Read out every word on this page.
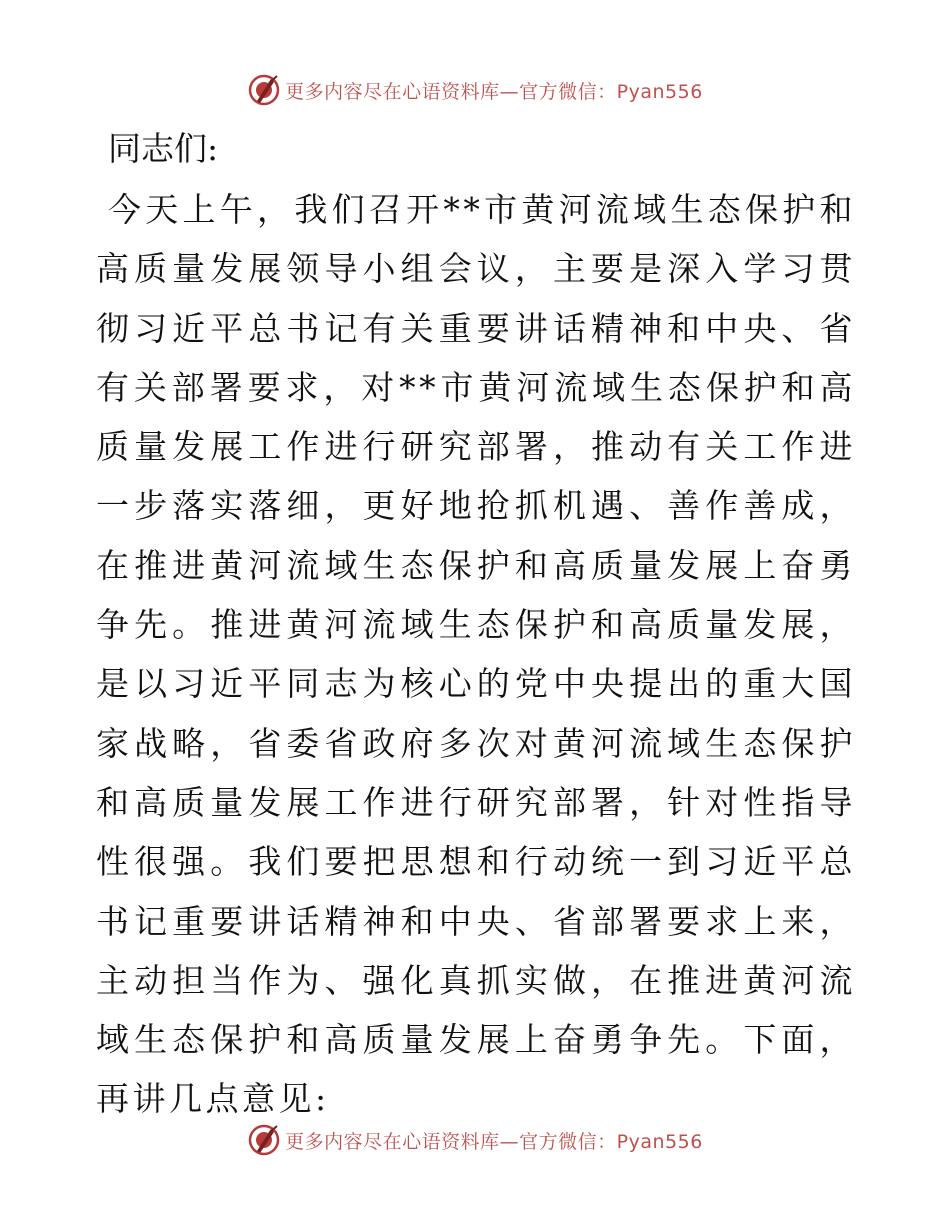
更多内容尽在心语资料库—官方微信：Pyan556

同志们:

今天上午，我们召开**市黄河流域生态保护和高质量发展领导小组会议，主要是深入学习贯彻习近平总书记有关重要讲话精神和中央、省有关部署要求，对**市黄河流域生态保护和高质量发展工作进行研究部署，推动有关工作进一步落实落细，更好地抢抓机遇、善作善成，在推进黄河流域生态保护和高质量发展上奋勇争先。推进黄河流域生态保护和高质量发展，是以习近平同志为核心的党中央提出的重大国家战略，省委省政府多次对黄河流域生态保护和高质量发展工作进行研究部署，针对性指导性很强。我们要把思想和行动统一到习近平总书记重要讲话精神和中央、省部署要求上来，主动担当作为、强化真抓实做，在推进黄河流域生态保护和高质量发展上奋勇争先。下面，再讲几点意见:

更多内容尽在心语资料库—官方微信：Pyan556
